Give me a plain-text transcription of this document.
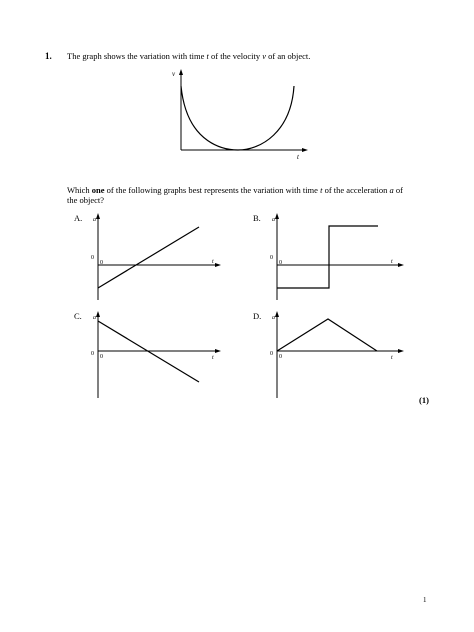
1. The graph shows the variation with time t of the velocity v of an object.
v
t
Which one of the following graphs best represents the variation with time t of the acceleration a of the object?
A. a
0
0	t
B. a
0
0	t
C. a
0 0	t
D. a
0 0	t
(1)
1
